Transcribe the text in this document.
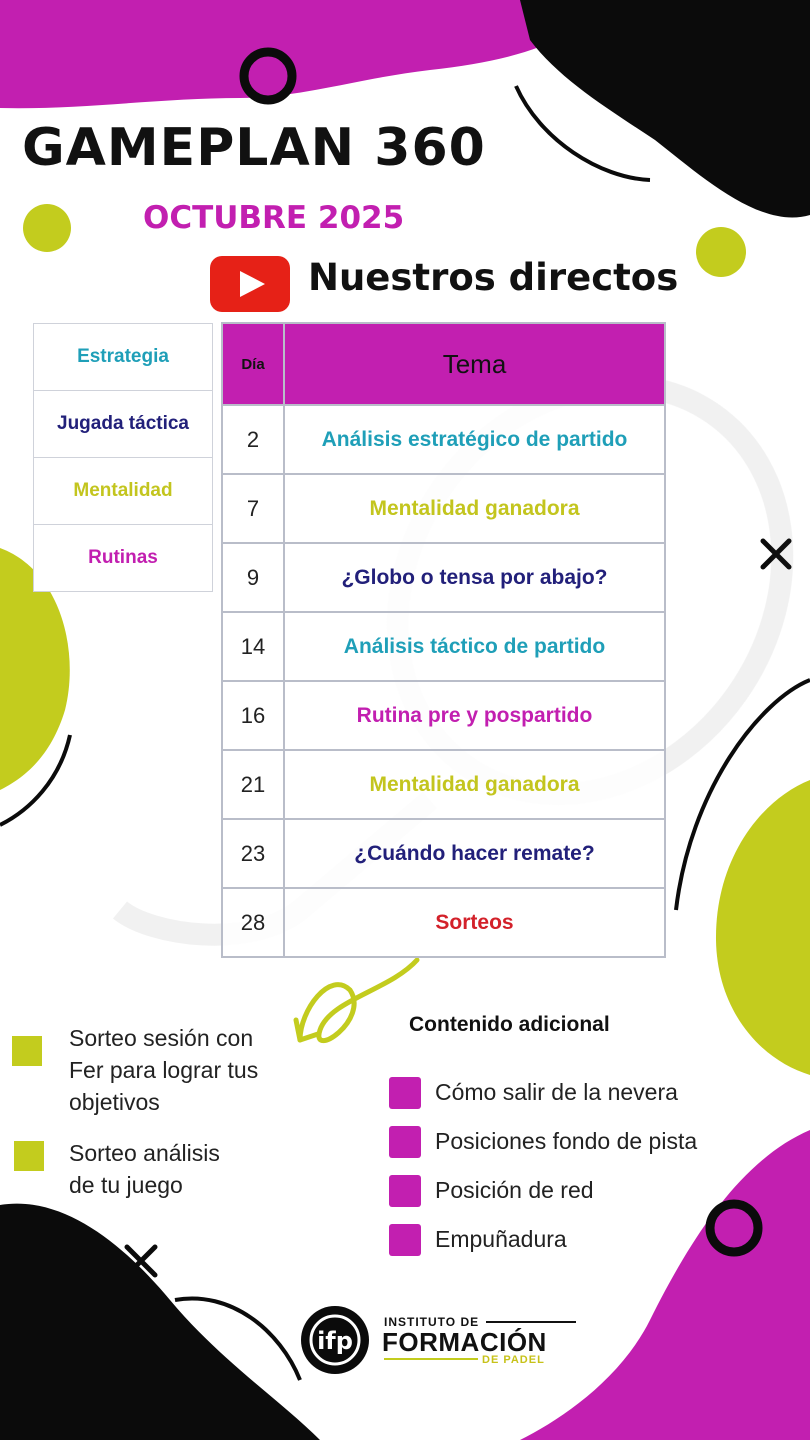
GAMEPLAN 360
OCTUBRE 2025
Nuestros directos
Estrategia
Jugada táctica
Mentalidad
Rutinas
Día	Tema
2	Análisis estratégico de partido
7	Mentalidad ganadora
9	¿Globo o tensa por abajo?
14	Análisis táctico de partido
16	Rutina pre y pospartido
21	Mentalidad ganadora
23	¿Cuándo hacer remate?
28	Sorteos
Sorteo sesión con
Fer para lograr tus
objetivos
Sorteo análisis
de tu juego
Contenido adicional
Cómo salir de la nevera
Posiciones fondo de pista
Posición de red
Empuñadura
ifp
INSTITUTO DE
FORMACIÓN
DE PADEL
